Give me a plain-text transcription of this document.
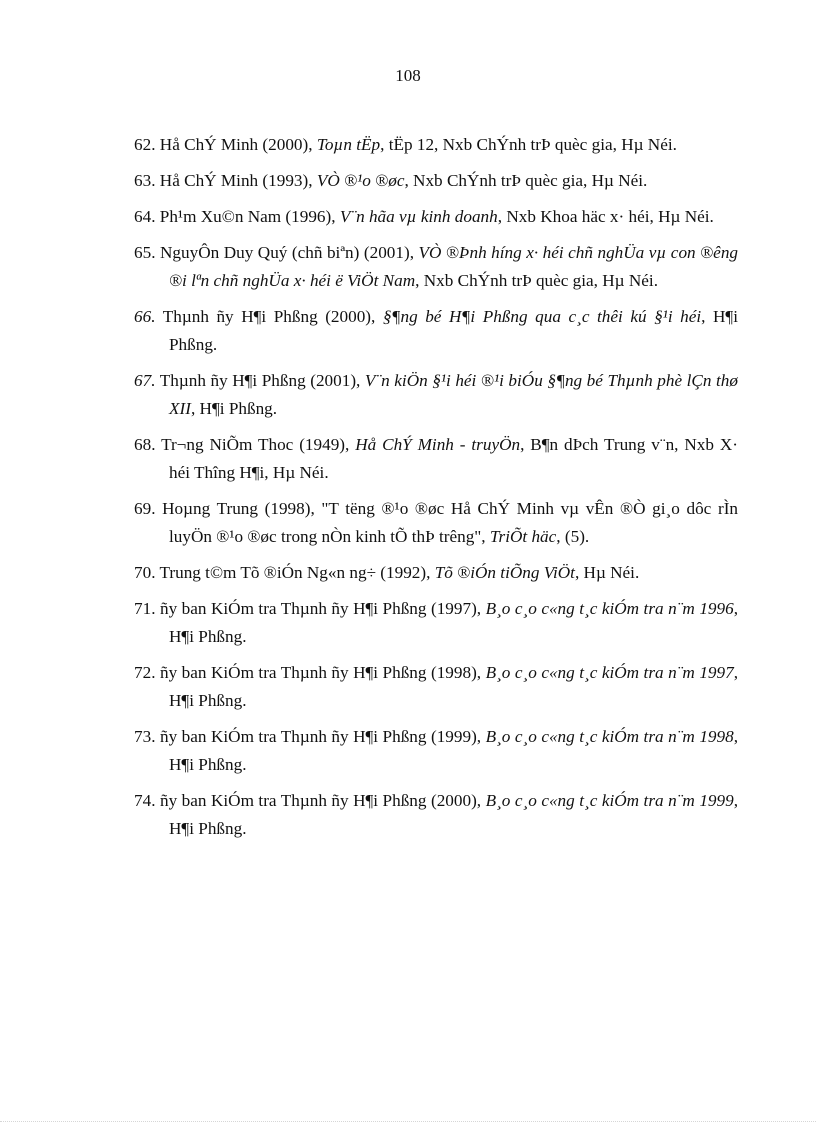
108
62. Hå ChÝ Minh (2000), Toµn tËp, tËp 12, Nxb ChÝnh trÞ quèc gia, Hµ Néi.
63. Hå ChÝ Minh (1993), VÒ ®¹o ®øc, Nxb ChÝnh trÞ quèc gia, Hµ Néi.
64. Ph¹m Xu©n Nam (1996), V¨n hãa vµ kinh doanh, Nxb Khoa häc x· héi, Hµ Néi.
65. NguyÔn Duy Quý (chñ biªn) (2001), VÒ ®Þnh híng x· héi chñ nghÜa vµ con ®êng ®i lªn chñ nghÜa x· héi ë ViÖt Nam, Nxb ChÝnh trÞ quèc gia, Hµ Néi.
66. Thµnh ñy H¶i Phßng (2000), §¶ng bé H¶i Phßng qua c¸c thêi kú §¹i héi, H¶i Phßng.
67. Thµnh ñy H¶i Phßng (2001), V¨n kiÖn §¹i héi ®¹i biÓu §¶ng bé Thµnh phè lÇn thø XII, H¶i Phßng.
68. Tr¬ng NiÕm Thoc (1949), Hå ChÝ Minh - truyÖn, B¶n dÞch Trung v¨n, Nxb X· héi Thîng H¶i, Hµ Néi.
69. Hoµng Trung (1998), "T tëng ®¹o ®øc Hå ChÝ Minh vµ vÊn ®Ò gi¸o dôc rÌn luyÖn ®¹o ®øc trong nÒn kinh tÕ thÞ trêng", TriÕt häc, (5).
70. Trung t©m Tõ ®iÓn Ng«n ng÷ (1992), Tõ ®iÓn tiÕng ViÖt, Hµ Néi.
71. ñy ban KiÓm tra Thµnh ñy H¶i Phßng (1997), B¸o c¸o c«ng t¸c kiÓm tra n¨m 1996, H¶i Phßng.
72. ñy ban KiÓm tra Thµnh ñy H¶i Phßng (1998), B¸o c¸o c«ng t¸c kiÓm tra n¨m 1997, H¶i Phßng.
73. ñy ban KiÓm tra Thµnh ñy H¶i Phßng (1999), B¸o c¸o c«ng t¸c kiÓm tra n¨m 1998, H¶i Phßng.
74. ñy ban KiÓm tra Thµnh ñy H¶i Phßng (2000), B¸o c¸o c«ng t¸c kiÓm tra n¨m 1999, H¶i Phßng.
